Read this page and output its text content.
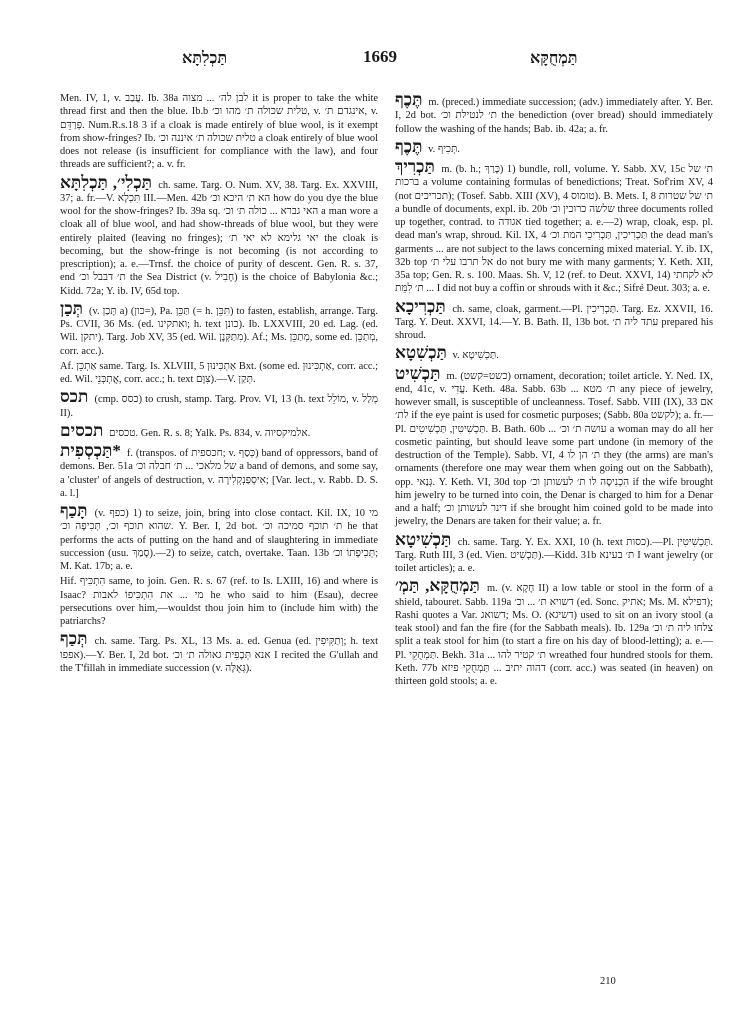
תַּכְלִתָּא	1669	תַּמְחֻקָּא

Men. IV, 1, v. עֲבַב. Ib. 38a לבן לה׳ ... מצוה it is proper to take the white thread first and then the blue. Ib.b טלית שכולה ת׳ מהו וכ׳, v. אינגדם ת׳, v. פְּרַדֵּם. Num.R.s.18 3 if a cloak is made entirely of blue wool, is it exempt from show-fringes? Ib. טלית שכולה ת׳ איננה וכ׳ a cloak entirely of blue wool does not release (is insufficient for compliance with the law), and four threads are sufficient?; a. v. fr.

תַּכְלִי׳, תַּכְלִתָּא ch. same. Targ. O. Num. XV, 38. Targ. Ex. XXVIII, 37; a. fr.—V. תִּכְלָא III.—Men. 42b הא ת׳ היכא וכ׳ how do you dye the blue wool for the show-fringes? Ib. 39a sq. האי גברא ... כולה ת׳ וכ׳ a man wore a cloak all of blue wool, and had show-threads of blue wool, but they were entirely plaited (leaving no fringes); יאי גלימא לא יאי ת׳ the cloak is becoming, but the show-fringe is not becoming (is not according to prescription); a. e.—Trnsf. the choice of purity of descent. Gen. R. s. 37, end ת׳ דבבל וכ׳ the Sea District (v. חָבִיל) is the choice of Babylonia &c.; Kidd. 72a; Y. ib. IV, 65d top.

תְּכַן (v. תָּכַן a) (כון=), Pa. תַּכֵּן (= h. תִּכֵּן) to fasten, establish, arrange. Targ. Ps. CVII, 36 Ms. (ed. ואתקינו; h. text כונן). Ib. LXXVIII, 20 ed. Lag. (ed. Wil. יתקן). Targ. Job XV, 35 (ed. Wil. מִתַּקְּנָן). Af.; Ms. מְתַכֵּן, some ed. מְתַכֵּן, corr. acc.).

Af. אַתְכֵּן same. Targ. Is. XLVIII, 5 אַתְכִּינוּן Bxt. (some ed. אַתְכִּינוּן, corr. acc.; ed. Wil. אֲתְכְּנֵי, corr. acc.; h. text צִוָּם).—V. תְּקַן.

תכס (cmp. כסס) to crush, stamp. Targ. Prov. VI, 13 (h. text מוֹלֵל, v. מְלַל II).

תכסים טכסים. Gen. R. s. 8; Yalk. Ps. 834, v. אלמיקסיוה.

*תַּכְסְפִית f. (transpos. of חכספית; v. כְּסַף) band of oppressors, band of demons. Ber. 51a של מלאכי ... ת׳ חבלה וכ׳ a band of demons, and some say, a 'cluster' of angels of destruction, v. אִיסְפַּנְקְלִירָה; [Var. lect., v. Rabb. D. S. a. l.]

תָּכַף (v. כפף) 1) to seize, join, bring into close contact. Kil. IX, 10 מי שהוא תוכף וכ׳, תְּכִיפָה וכ׳. Y. Ber. I, 2d bot. ת׳ תוכף סמיכה וכ׳ he that performs the acts of putting on the hand and of slaughtering in immediate succession (usu. סָמַךְ).—2) to seize, catch, overtake. Taan. 13b תְּכִיפָתוֹ וכ׳; M. Kat. 17b; a. e.

Hif. הִתְכִּיף same, to join. Gen. R. s. 67 (ref. to Is. LXIII, 16) and where is Isaac? מי ... את הִתְכִּיפוֹ לאבות he who said to him (Esau), decree persecutions over him,—wouldst thou join him to (include him with) the patriarchs?

תְּכַף ch. same. Targ. Ps. XL, 13 Ms. a. ed. Genua (ed. וְתַקִּיפִין; h. text אפפו).—Y. Ber. I, 2d bot. אנא תְּכָפִית גאולה ת׳ וכ׳ I recited the G'ullah and the T'fillah in immediate succession (v. גְּאֻלָּה).

תֶּכֶף m. (preced.) immediate succession; (adv.) immediately after. Y. Ber. I, 2d bot. ת׳ לנטילת וכ׳ the benediction (over bread) should immediately follow the washing of the hands; Bab. ib. 42a; a. fr.

תֶּכֶף v. תְּכִיף.

תַּכְרִיךְ m. (b. h.; כָּרַךְ) 1) bundle, roll, volume. Y. Sabb. XV, 15c ת׳ של ברכות a volume containing formulas of benedictions; Treat. Sof'rim XV, 4 (not תכריכים); (Tosef. Sabb. XIII (XV), 4 טומוס). B. Mets. I, 8 ת׳ של שטרות a bundle of documents, expl. ib. 20b שלשה כרוכין וכ׳ three documents rolled up together, contrad. to אגודה tied together; a. e.—2) wrap, cloak, esp. pl. dead man's wrap, shroud. Kil. IX, 4 תַּכְרִיכִין, תַּכְרִיכֵי המת וכ׳ the dead man's garments ... are not subject to the laws concerning mixed material. Y. ib. IX, 32b top אל תרבו עלי ת׳ do not bury me with many garments; Y. Keth. XII, 35a top; Gen. R. s. 100. Maas. Sh. V, 12 (ref. to Deut. XXVI, 14) לא לקחתי ... ת׳ לִמֵּת I did not buy a coffin or shrouds with it &c.; Sifré Deut. 303; a. e.

תַּכְרִיכָא ch. same, cloak, garment.—Pl. תַּכְרִיכִין. Targ. Ez. XXVII, 16. Targ. Y. Deut. XXVI, 14.—Y. B. Bath. II, 13b bot. עתד ליה ת׳ prepared his shroud.

תַּכְשִׁטָא v. תַּכְשִׁיטָא.

תַּכְשִׁיט m. (כשט=קשט) ornament, decoration; toilet article. Y. Ned. IX, end, 41c, v. עֲדִי. Keth. 48a. Sabb. 63b ... ת׳ מטא any piece of jewelry, however small, is susceptible of uncleanness. Tosef. Sabb. VIII (IX), 33 אם לת׳ if the eye paint is used for cosmetic purposes; (Sabb. 80a לקשט); a. fr.—Pl. תַּכְשִׁיטִין, תַּכְשִׁיטִים. B. Bath. 60b ... עושה ת׳ וכ׳ a woman may do all her cosmetic painting, but should leave some part undone (in memory of the destruction of the Temple). Sabb. VI, 4 ת׳ הן לו they (the arms) are man's ornaments (therefore one may wear them when going out on the Sabbath), opp. גְּנַאי. Y. Keth. VI, 30d top הִכְנִיסָה לו ת׳ לעשותן וכ׳ if the wife brought him jewelry to be turned into coin, the Denar is charged to him for a Denar and a half; דינר לעשותן וכ׳ if she brought him coined gold to be made into jewelry, the Denars are taken for their value; a. fr.

תַּכְשִׁיטָא ch. same. Targ. Y. Ex. XXI, 10 (h. text כסות).—Pl. תַּכְשִׁיטִין. Targ. Ruth III, 3 (ed. Vien. תַּכְשִׁיט).—Kidd. 31b ת׳ בעינא I want jewelry (or toilet articles); a. e.

תַּמְחֻקָּא, תַּמְ׳ m. (v. חָקָא II) a low table or stool in the form of a shield, tabouret. Sabb. 119a דשויא ת׳ ... וכ׳ (ed. Sonc. אתיק; Ms. M. דפילא); Rashi quotes a Var. דשואג; Ms. O. (דשיגא) used to sit on an ivory stool (a teak stool) and fan the fire (for the Sabbath meals). Ib. 129a צלחו ליה ת׳ וכ׳ split a teak stool for him (to start a fire on his day of blood-letting); a. e.—Pl. תַּמְחֻקֵי. Bekh. 31a ... ת׳ קטיר להו wreathed four hundred stools for them. Keth. 77b דהוה יתיב ... תַּמְחֻקֵי פיזא (corr. acc.) was seated (in heaven) on thirteen gold stools; a. e.

210
